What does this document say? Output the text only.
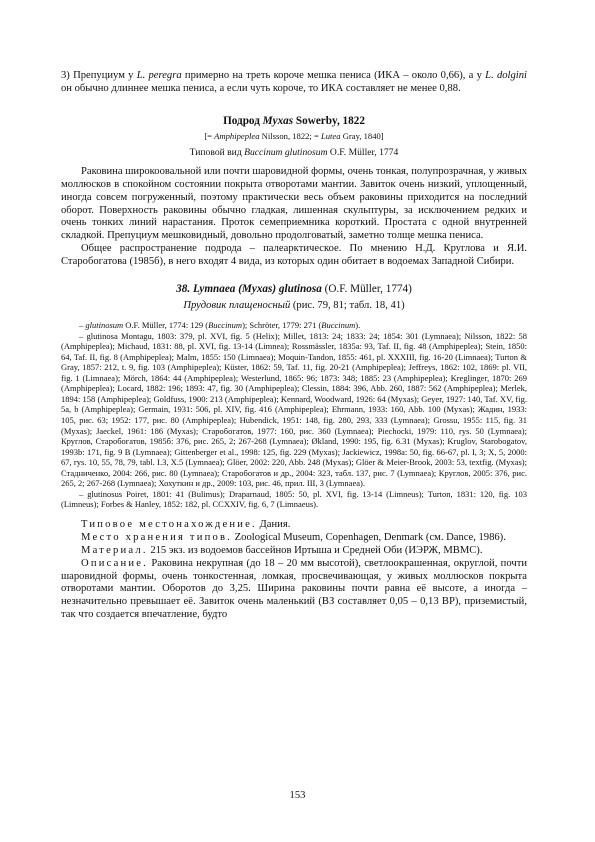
3) Препуциум у L. peregra примерно на треть короче мешка пениса (ИКА – около 0,66), а у L. dolgini он обычно длиннее мешка пениса, а если чуть короче, то ИКА составляет не менее 0,88.

Подрод Myxas Sowerby, 1822

[= Amphipeplea Nilsson, 1822; = Lutea Gray, 1840]

Типовой вид Buccinum glutinosum O.F. Müller, 1774

Раковина широкоовальной или почти шаровидной формы, очень тонкая, полупрозрачная, у живых моллюсков в спокойном состоянии покрыта отворотами мантии. Завиток очень низкий, уплощенный, иногда совсем погруженный, поэтому практически весь объем раковины приходится на последний оборот. Поверхность раковины обычно гладкая, лишенная скульптуры, за исключением редких и очень тонких линий нарастания. Проток семеприемника короткий. Простата с одной внутренней складкой. Препуциум мешковидный, довольно продолговатый, заметно толще мешка пениса.

Общее распространение подрода – палеарктическое. По мнению Н.Д. Круглова и Я.И. Старобогатова (1985б), в него входят 4 вида, из которых один обитает в водоемах Западной Сибири.

38. Lymnaea (Myxas) glutinosa (O.F. Müller, 1774)

Прудовик плащеносный (рис. 79, 81; табл. 18, 41)

– glutinosum O.F. Müller, 1774: 129 (Buccinum); Schröter, 1779: 271 (Buccinum).

– glutinosa Montagu, 1803: 379, pl. XVI, fig. 5 (Helix); Millet, 1813: 24; 1833: 24; 1854: 301 (Lymnaea); Nilsson, 1822: 58 (Amphipeplea); Michaud, 1831: 88, pl. XVI, fig. 13-14 (Limnea); Rossmässler, 1835a: 93, Taf. II, fig. 48 (Amphipeplea); Stein, 1850: 64, Taf. II, fig. 8 (Amphipeplea); Malm, 1855: 150 (Limnaea); Moquin-Tandon, 1855: 461, pl. XXXIII, fig. 16-20 (Limnaea); Turton & Gray, 1857: 212, t. 9, fig. 103 (Amphipeplea); Küster, 1862: 59, Taf. 11, fig. 20-21 (Amphipeplea); Jeffreys, 1862: 102, 1869: pl. VII, fig. 1 (Limnaea); Mörch, 1864: 44 (Amphipeplea); Westerlund, 1865: 96; 1873: 348; 1885: 23 (Amphipeplea); Kreglinger, 1870: 269 (Amphipeplea); Locard, 1882: 196; 1893: 47, fig. 30 (Amphipeplea); Clessin, 1884: 396, Abb. 260, 1887: 562 (Amphipeplea); Merlek, 1894: 158 (Amphipeplea); Goldfuss, 1900: 213 (Amphipeplea); Kennard, Woodward, 1926: 64 (Myxas); Geyer, 1927: 140, Taf. XV, fig. 5a, b (Amphipeplea); Germain, 1931: 506, pl. XIV, fig. 416 (Amphipeplea); Ehrmann, 1933: 160, Abb. 100 (Myxas); Жадин, 1933: 105, рис. 63; 1952: 177, рис. 80 (Amphipeplea); Hubendick, 1951: 148, fig. 280, 293, 333 (Lymnaea); Grossu, 1955: 115, fig. 31 (Myxas); Jaeckel, 1961: 186 (Myxas); Старобогатов, 1977: 160, рис. 360 (Lymnaea); Piechocki, 1979: 110, rys. 50 (Lymnaea); Круглов, Старобогатов, 1985б: 376, рис. 265, 2; 267-268 (Lymnaea); Økland, 1990: 195, fig. 6.31 (Myxas); Kruglov, Starobogatov, 1993b: 171, fig. 9 B (Lymnaea); Gittenberger et al., 1998: 125, fig. 229 (Myxas); Jackiewicz, 1998a: 50, fig. 66-67, pl. I, 3; X, 5, 2000: 67, rys. 10, 55, 78, 79, tabl. I.3, X.5 (Lymnaea); Glöer, 2002: 220, Abb. 248 (Myxas); Glöer & Meier-Brook, 2003: 53, textfig. (Myxas); Стадниченко, 2004: 266, рис. 80 (Lymnaea); Старобогатов и др., 2004: 323, табл. 137, рис. 7 (Lymnaea); Круглов, 2005: 376, рис. 265, 2; 267-268 (Lymnaea); Хохуткин и др., 2009: 103, рис. 46, прил. III, 3 (Lymnaea).

– glutinosus Poiret, 1801: 41 (Bulimus); Draparnaud, 1805: 50, pl. XVI, fig. 13-14 (Limneus); Turton, 1831: 120, fig. 103 (Limneus); Forbes & Hanley, 1852: 182, pl. CCXXIV, fig. 6, 7 (Limnaeus).

Типовое местонахождение. Дания.

Место хранения типов. Zoological Museum, Copenhagen, Denmark (см. Dance, 1986).

Материал. 215 экз. из водоемов бассейнов Иртыша и Средней Оби (ИЭРЖ, МВМС).

Описание. Раковина некрупная (до 18 – 20 мм высотой), светлоокрашенная, округлой, почти шаровидной формы, очень тонкостенная, ломкая, просвечивающая, у живых моллюсков покрыта отворотами мантии. Оборотов до 3,25. Ширина раковины почти равна её высоте, а иногда – незначительно превышает её. Завиток очень маленький (ВЗ составляет 0,05 – 0,13 ВР), приземистый, так что создается впечатление, будто

153
